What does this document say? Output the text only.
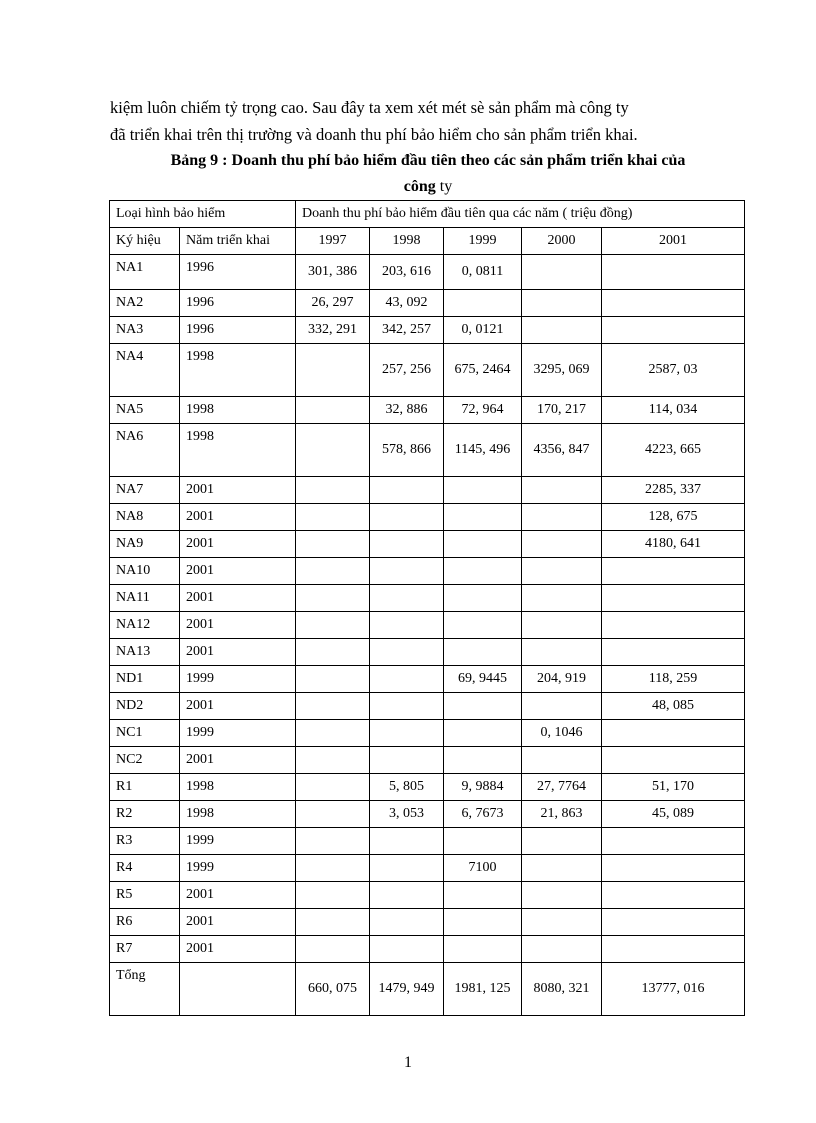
kiệm luôn chiếm tỷ trọng cao. Sau đây ta xem xét mét sè sản phẩm mà công ty
đã triển khai trên thị trường và doanh thu phí bảo hiểm cho sản phẩm triển khai.
Bảng 9 : Doanh thu phí bảo hiểm đầu tiên theo các sản phẩm triển khai của
công ty
Loại hình bảo hiểm		Doanh thu phí bảo hiểm đầu tiên qua các năm ( triệu đồng)				
Ký hiệu	Năm triển khai	1997	1998	1999	2000	2001
NA1	1996	301, 386	203, 616	0, 0811		
NA2	1996	26, 297	43, 092			
NA3	1996	332, 291	342, 257	0, 0121		
NA4	1998		257, 256	675, 2464	3295, 069	2587, 03
NA5	1998		32, 886	72, 964	170, 217	114, 034
NA6	1998		578, 866	1145, 496	4356, 847	4223, 665
NA7	2001					2285, 337
NA8	2001					128, 675
NA9	2001					4180, 641
NA10	2001					
NA11	2001					
NA12	2001					
NA13	2001					
ND1	1999			69, 9445	204, 919	118, 259
ND2	2001					48, 085
NC1	1999				0, 1046	
NC2	2001					
R1	1998		5, 805	9, 9884	27, 7764	51, 170
R2	1998		3, 053	6, 7673	21, 863	45, 089
R3	1999					
R4	1999			7100		
R5	2001					
R6	2001					
R7	2001					
Tổng		660, 075	1479, 949	1981, 125	8080, 321	13777, 016
1
